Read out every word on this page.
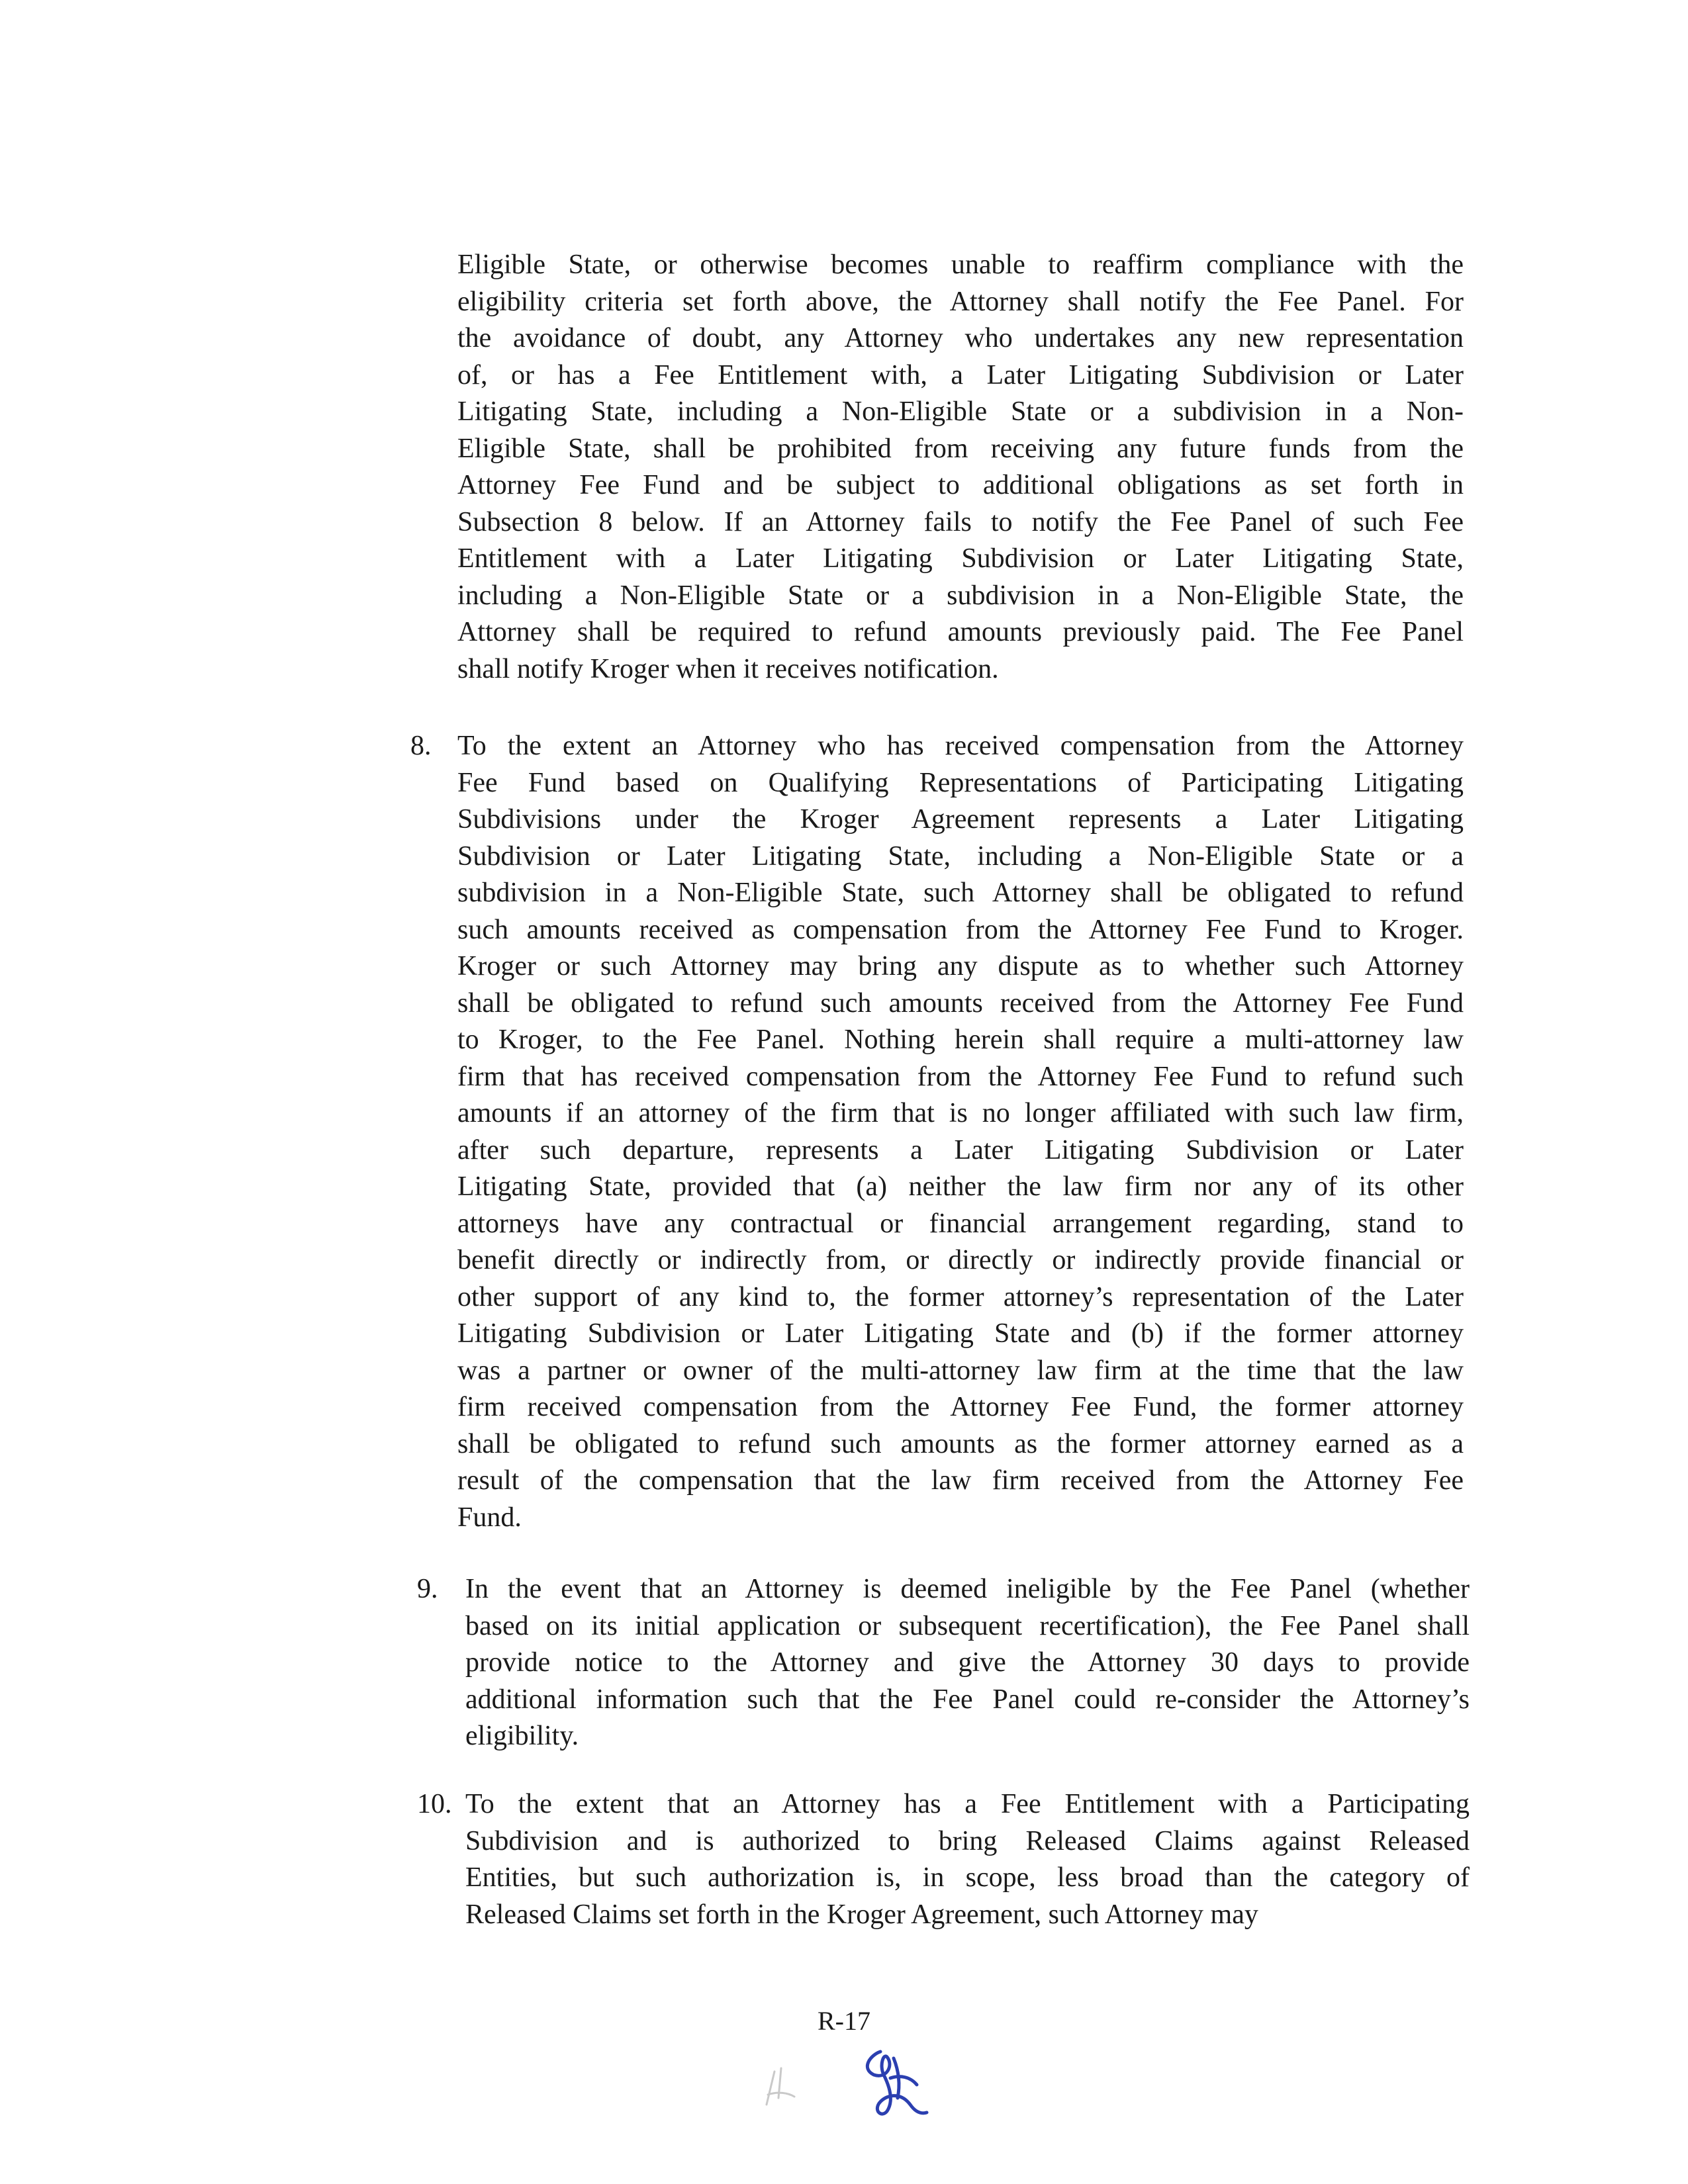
Eligible State, or otherwise becomes unable to reaffirm compliance with the
eligibility criteria set forth above, the Attorney shall notify the Fee Panel. For
the avoidance of doubt, any Attorney who undertakes any new representation
of, or has a Fee Entitlement with, a Later Litigating Subdivision or Later
Litigating State, including a Non-Eligible State or a subdivision in a Non-
Eligible State, shall be prohibited from receiving any future funds from the
Attorney Fee Fund and be subject to additional obligations as set forth in
Subsection 8 below. If an Attorney fails to notify the Fee Panel of such Fee
Entitlement with a Later Litigating Subdivision or Later Litigating State,
including a Non-Eligible State or a subdivision in a Non-Eligible State, the
Attorney shall be required to refund amounts previously paid. The Fee Panel
shall notify Kroger when it receives notification.
8. To the extent an Attorney who has received compensation from the Attorney
Fee Fund based on Qualifying Representations of Participating Litigating
Subdivisions under the Kroger Agreement represents a Later Litigating
Subdivision or Later Litigating State, including a Non-Eligible State or a
subdivision in a Non-Eligible State, such Attorney shall be obligated to refund
such amounts received as compensation from the Attorney Fee Fund to Kroger.
Kroger or such Attorney may bring any dispute as to whether such Attorney
shall be obligated to refund such amounts received from the Attorney Fee Fund
to Kroger, to the Fee Panel. Nothing herein shall require a multi-attorney law
firm that has received compensation from the Attorney Fee Fund to refund such
amounts if an attorney of the firm that is no longer affiliated with such law firm,
after such departure, represents a Later Litigating Subdivision or Later
Litigating State, provided that (a) neither the law firm nor any of its other
attorneys have any contractual or financial arrangement regarding, stand to
benefit directly or indirectly from, or directly or indirectly provide financial or
other support of any kind to, the former attorney’s representation of the Later
Litigating Subdivision or Later Litigating State and (b) if the former attorney
was a partner or owner of the multi-attorney law firm at the time that the law
firm received compensation from the Attorney Fee Fund, the former attorney
shall be obligated to refund such amounts as the former attorney earned as a
result of the compensation that the law firm received from the Attorney Fee
Fund.
9. In the event that an Attorney is deemed ineligible by the Fee Panel (whether
based on its initial application or subsequent recertification), the Fee Panel shall
provide notice to the Attorney and give the Attorney 30 days to provide
additional information such that the Fee Panel could re-consider the Attorney’s
eligibility.
10. To the extent that an Attorney has a Fee Entitlement with a Participating
Subdivision and is authorized to bring Released Claims against Released
Entities, but such authorization is, in scope, less broad than the category of
Released Claims set forth in the Kroger Agreement, such Attorney may
R-17
